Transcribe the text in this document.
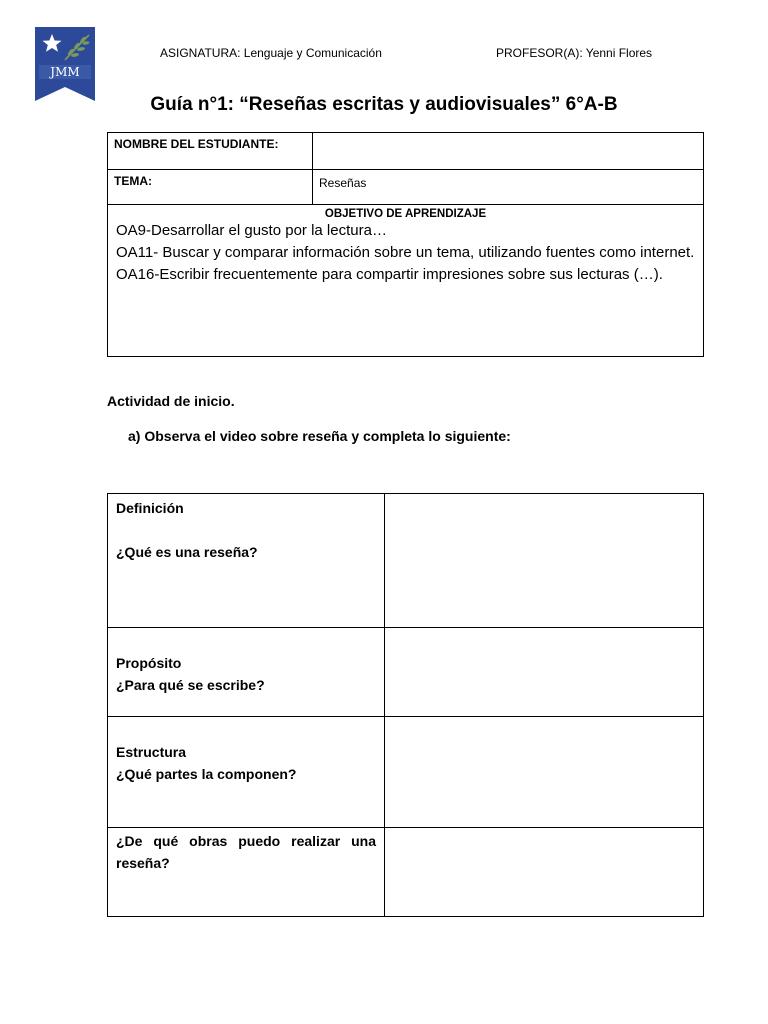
JMM
ASIGNATURA: Lenguaje y Comunicación	PROFESOR(A): Yenni Flores
Guía n°1: “Reseñas escritas y audiovisuales” 6°A-B
NOMBRE DEL ESTUDIANTE:	
TEMA:	Reseñas

OBJETIVO DE APRENDIZAJE
OA9-Desarrollar el gusto por la lectura…
OA11- Buscar y comparar información sobre un tema, utilizando fuentes como internet.
OA16-Escribir frecuentemente para compartir impresiones sobre sus lecturas (…).	
Actividad de inicio.
a) Observa el video sobre reseña y completa lo siguiente:
Definición
¿Qué es una reseña?	

Propósito
¿Para qué se escribe?	

Estructura
¿Qué partes la componen?	

¿De qué obras puedo realizar una reseña?	
